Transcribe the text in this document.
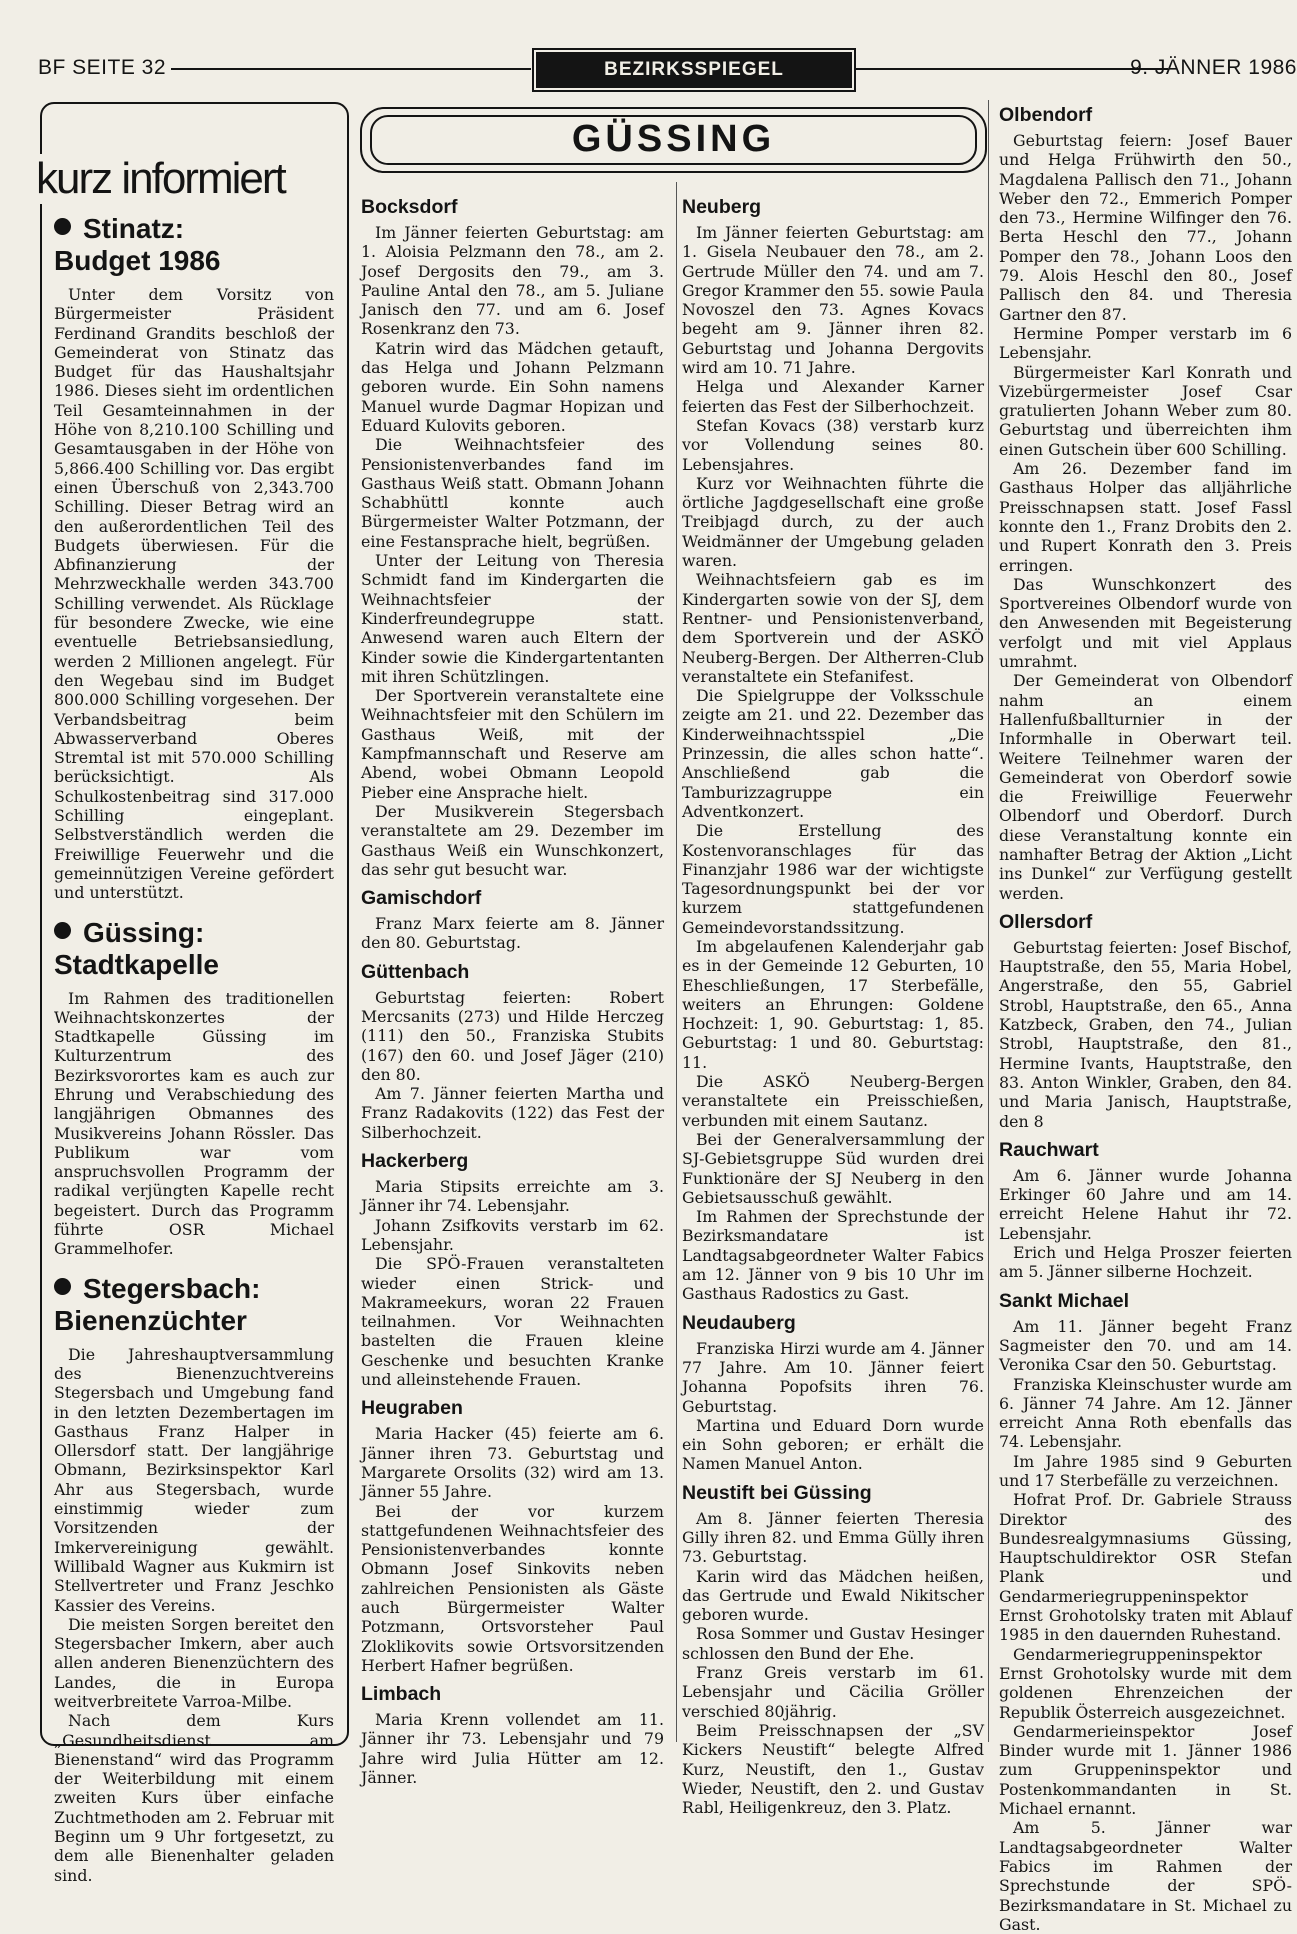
BF SEITE 32	BEZIRKSSPIEGEL	9. JÄNNER 1986
kurz informiert
Stinatz:
Budget 1986

Unter dem Vorsitz von Bürgermeister Präsident Ferdinand Grandits beschloß der Gemeinderat von Stinatz das Budget für das Haushaltsjahr 1986. Dieses sieht im ordentlichen Teil Gesamteinnahmen in der Höhe von 8,210.100 Schilling und Gesamtausgaben in der Höhe von 5,866.400 Schilling vor. Das ergibt einen Überschuß von 2,343.700 Schilling. Dieser Betrag wird an den außerordentlichen Teil des Budgets überwiesen. Für die Abfinanzierung der Mehrzweckhalle werden 343.700 Schilling verwendet. Als Rücklage für besondere Zwecke, wie eine eventuelle Betriebsansiedlung, werden 2 Millionen angelegt. Für den Wegebau sind im Budget 800.000 Schilling vorgesehen. Der Verbandsbeitrag beim Abwasserverband Oberes Stremtal ist mit 570.000 Schilling berücksichtigt. Als Schulkostenbeitrag sind 317.000 Schilling eingeplant. Selbstverständlich werden die Freiwillige Feuerwehr und die gemeinnützigen Vereine gefördert und unterstützt.

Güssing:
Stadtkapelle

Im Rahmen des traditionellen Weihnachtskonzertes der Stadtkapelle Güssing im Kulturzentrum des Bezirksvorortes kam es auch zur Ehrung und Verabschiedung des langjährigen Obmannes des Musikvereins Johann Rössler. Das Publikum war vom anspruchsvollen Programm der radikal verjüngten Kapelle recht begeistert. Durch das Programm führte OSR Michael Grammelhofer.

Stegersbach:
Bienenzüchter

Die Jahreshauptversammlung des Bienenzuchtvereins Stegersbach und Umgebung fand in den letzten Dezembertagen im Gasthaus Franz Halper in Ollersdorf statt. Der langjährige Obmann, Bezirksinspektor Karl Ahr aus Stegersbach, wurde einstimmig wieder zum Vorsitzenden der Imkervereinigung gewählt. Willibald Wagner aus Kukmirn ist Stellvertreter und Franz Jeschko Kassier des Vereins.

Die meisten Sorgen bereitet den Stegersbacher Imkern, aber auch allen anderen Bienenzüchtern des Landes, die in Europa weitverbreitete Varroa-Milbe.

Nach dem Kurs „Gesundheitsdienst am Bienenstand“ wird das Programm der Weiterbildung mit einem zweiten Kurs über einfache Zuchtmethoden am 2. Februar mit Beginn um 9 Uhr fortgesetzt, zu dem alle Bienenhalter geladen sind.

GÜSSING
Bocksdorf

Im Jänner feierten Geburtstag: am 1. Aloisia Pelzmann den 78., am 2. Josef Dergosits den 79., am 3. Pauline Antal den 78., am 5. Juliane Janisch den 77. und am 6. Josef Rosenkranz den 73.

Katrin wird das Mädchen getauft, das Helga und Johann Pelzmann geboren wurde. Ein Sohn namens Manuel wurde Dagmar Hopizan und Eduard Kulovits geboren.

Die Weihnachtsfeier des Pensionistenverbandes fand im Gasthaus Weiß statt. Obmann Johann Schabhüttl konnte auch Bürgermeister Walter Potzmann, der eine Festansprache hielt, begrüßen.

Unter der Leitung von Theresia Schmidt fand im Kindergarten die Weihnachtsfeier der Kinderfreundegruppe statt. Anwesend waren auch Eltern der Kinder sowie die Kindergartentanten mit ihren Schützlingen.

Der Sportverein veranstaltete eine Weihnachtsfeier mit den Schülern im Gasthaus Weiß, mit der Kampfmannschaft und Reserve am Abend, wobei Obmann Leopold Pieber eine Ansprache hielt.

Der Musikverein Stegersbach veranstaltete am 29. Dezember im Gasthaus Weiß ein Wunschkonzert, das sehr gut besucht war.

Gamischdorf

Franz Marx feierte am 8. Jänner den 80. Geburtstag.

Güttenbach

Geburtstag feierten: Robert Mercsanits (273) und Hilde Herczeg (111) den 50., Franziska Stubits (167) den 60. und Josef Jäger (210) den 80.

Am 7. Jänner feierten Martha und Franz Radakovits (122) das Fest der Silberhochzeit.

Hackerberg

Maria Stipsits erreichte am 3. Jänner ihr 74. Lebensjahr.

Johann Zsifkovits verstarb im 62. Lebensjahr.

Die SPÖ-Frauen veranstalteten wieder einen Strick- und Makrameekurs, woran 22 Frauen teilnahmen. Vor Weihnachten bastelten die Frauen kleine Geschenke und besuchten Kranke und alleinstehende Frauen.

Heugraben

Maria Hacker (45) feierte am 6. Jänner ihren 73. Geburtstag und Margarete Orsolits (32) wird am 13. Jänner 55 Jahre.

Bei der vor kurzem stattgefundenen Weihnachtsfeier des Pensionistenverbandes konnte Obmann Josef Sinkovits neben zahlreichen Pensionisten als Gäste auch Bürgermeister Walter Potzmann, Ortsvorsteher Paul Zloklikovits sowie Ortsvorsitzenden Herbert Hafner begrüßen.

Limbach

Maria Krenn vollendet am 11. Jänner ihr 73. Lebensjahr und 79 Jahre wird Julia Hütter am 12. Jänner.

Neuberg

Im Jänner feierten Geburtstag: am 1. Gisela Neubauer den 78., am 2. Gertrude Müller den 74. und am 7. Gregor Krammer den 55. sowie Paula Novoszel den 73. Agnes Kovacs begeht am 9. Jänner ihren 82. Geburtstag und Johanna Dergovits wird am 10. 71 Jahre.

Helga und Alexander Karner feierten das Fest der Silberhochzeit.

Stefan Kovacs (38) verstarb kurz vor Vollendung seines 80. Lebensjahres.

Kurz vor Weihnachten führte die örtliche Jagdgesellschaft eine große Treibjagd durch, zu der auch Weidmänner der Umgebung geladen waren.

Weihnachtsfeiern gab es im Kindergarten sowie von der SJ, dem Rentner- und Pensionistenverband, dem Sportverein und der ASKÖ Neuberg-Bergen. Der Altherren-Club veranstaltete ein Stefanifest.

Die Spielgruppe der Volksschule zeigte am 21. und 22. Dezember das Kinderweihnachtsspiel „Die Prinzessin, die alles schon hatte“. Anschließend gab die Tamburizzagruppe ein Adventkonzert.

Die Erstellung des Kostenvoranschlages für das Finanzjahr 1986 war der wichtigste Tagesordnungspunkt bei der vor kurzem stattgefundenen Gemeindevorstandssitzung.

Im abgelaufenen Kalenderjahr gab es in der Gemeinde 12 Geburten, 10 Eheschließungen, 17 Sterbefälle, weiters an Ehrungen: Goldene Hochzeit: 1, 90. Geburtstag: 1, 85. Geburtstag: 1 und 80. Geburtstag: 11.

Die ASKÖ Neuberg-Bergen veranstaltete ein Preisschießen, verbunden mit einem Sautanz.

Bei der Generalversammlung der SJ-Gebietsgruppe Süd wurden drei Funktionäre der SJ Neuberg in den Gebietsausschuß gewählt.

Im Rahmen der Sprechstunde der Bezirksmandatare ist Landtagsabgeordneter Walter Fabics am 12. Jänner von 9 bis 10 Uhr im Gasthaus Radostics zu Gast.

Neudauberg

Franziska Hirzi wurde am 4. Jänner 77 Jahre. Am 10. Jänner feiert Johanna Popofsits ihren 76. Geburtstag.

Martina und Eduard Dorn wurde ein Sohn geboren; er erhält die Namen Manuel Anton.

Neustift bei Güssing

Am 8. Jänner feierten Theresia Gilly ihren 82. und Emma Gülly ihren 73. Geburtstag.

Karin wird das Mädchen heißen, das Gertrude und Ewald Nikitscher geboren wurde.

Rosa Sommer und Gustav Hesinger schlossen den Bund der Ehe.

Franz Greis verstarb im 61. Lebensjahr und Cäcilia Gröller verschied 80jährig.

Beim Preisschnapsen der „SV Kickers Neustift“ belegte Alfred Kurz, Neustift, den 1., Gustav Wieder, Neustift, den 2. und Gustav Rabl, Heiligenkreuz, den 3. Platz.

Olbendorf

Geburtstag feiern: Josef Bauer und Helga Frühwirth den 50., Magdalena Pallisch den 71., Johann Weber den 72., Emmerich Pomper den 73., Hermine Wilfinger den 76. Berta Heschl den 77., Johann Pomper den 78., Johann Loos den 79. Alois Heschl den 80., Josef Pallisch den 84. und Theresia Gartner den 87.

Hermine Pomper verstarb im 6 Lebensjahr.

Bürgermeister Karl Konrath und Vizebürgermeister Josef Csar gratulierten Johann Weber zum 80. Geburtstag und überreichten ihm einen Gutschein über 600 Schilling.

Am 26. Dezember fand im Gasthaus Holper das alljährliche Preisschnapsen statt. Josef Fassl konnte den 1., Franz Drobits den 2. und Rupert Konrath den 3. Preis erringen.

Das Wunschkonzert des Sportvereines Olbendorf wurde von den Anwesenden mit Begeisterung verfolgt und mit viel Applaus umrahmt.

Der Gemeinderat von Olbendorf nahm an einem Hallenfußballturnier in der Informhalle in Oberwart teil. Weitere Teilnehmer waren der Gemeinderat von Oberdorf sowie die Freiwillige Feuerwehr Olbendorf und Oberdorf. Durch diese Veranstaltung konnte ein namhafter Betrag der Aktion „Licht ins Dunkel“ zur Verfügung gestellt werden.

Ollersdorf

Geburtstag feierten: Josef Bischof, Hauptstraße, den 55, Maria Hobel, Angerstraße, den 55, Gabriel Strobl, Hauptstraße, den 65., Anna Katzbeck, Graben, den 74., Julian Strobl, Hauptstraße, den 81., Hermine Ivants, Hauptstraße, den 83. Anton Winkler, Graben, den 84. und Maria Janisch, Hauptstraße, den 8

Rauchwart

Am 6. Jänner wurde Johanna Erkinger 60 Jahre und am 14. erreicht Helene Hahut ihr 72. Lebensjahr.

Erich und Helga Proszer feierten am 5. Jänner silberne Hochzeit.

Sankt Michael

Am 11. Jänner begeht Franz Sagmeister den 70. und am 14. Veronika Csar den 50. Geburtstag.

Franziska Kleinschuster wurde am 6. Jänner 74 Jahre. Am 12. Jänner erreicht Anna Roth ebenfalls das 74. Lebensjahr.

Im Jahre 1985 sind 9 Geburten und 17 Sterbefälle zu verzeichnen.

Hofrat Prof. Dr. Gabriele Strauss Direktor des Bundesrealgymnasiums Güssing, Hauptschuldirektor OSR Stefan Plank und Gendarmeriegruppeninspektor Ernst Grohotolsky traten mit Ablauf 1985 in den dauernden Ruhestand.

Gendarmeriegruppeninspektor Ernst Grohotolsky wurde mit dem goldenen Ehrenzeichen der Republik Österreich ausgezeichnet.

Gendarmerieinspektor Josef Binder wurde mit 1. Jänner 1986 zum Gruppeninspektor und Postenkommandanten in St. Michael ernannt.

Am 5. Jänner war Landtagsabgeordneter Walter Fabics im Rahmen der Sprechstunde der SPÖ-Bezirksmandatare in St. Michael zu Gast.
